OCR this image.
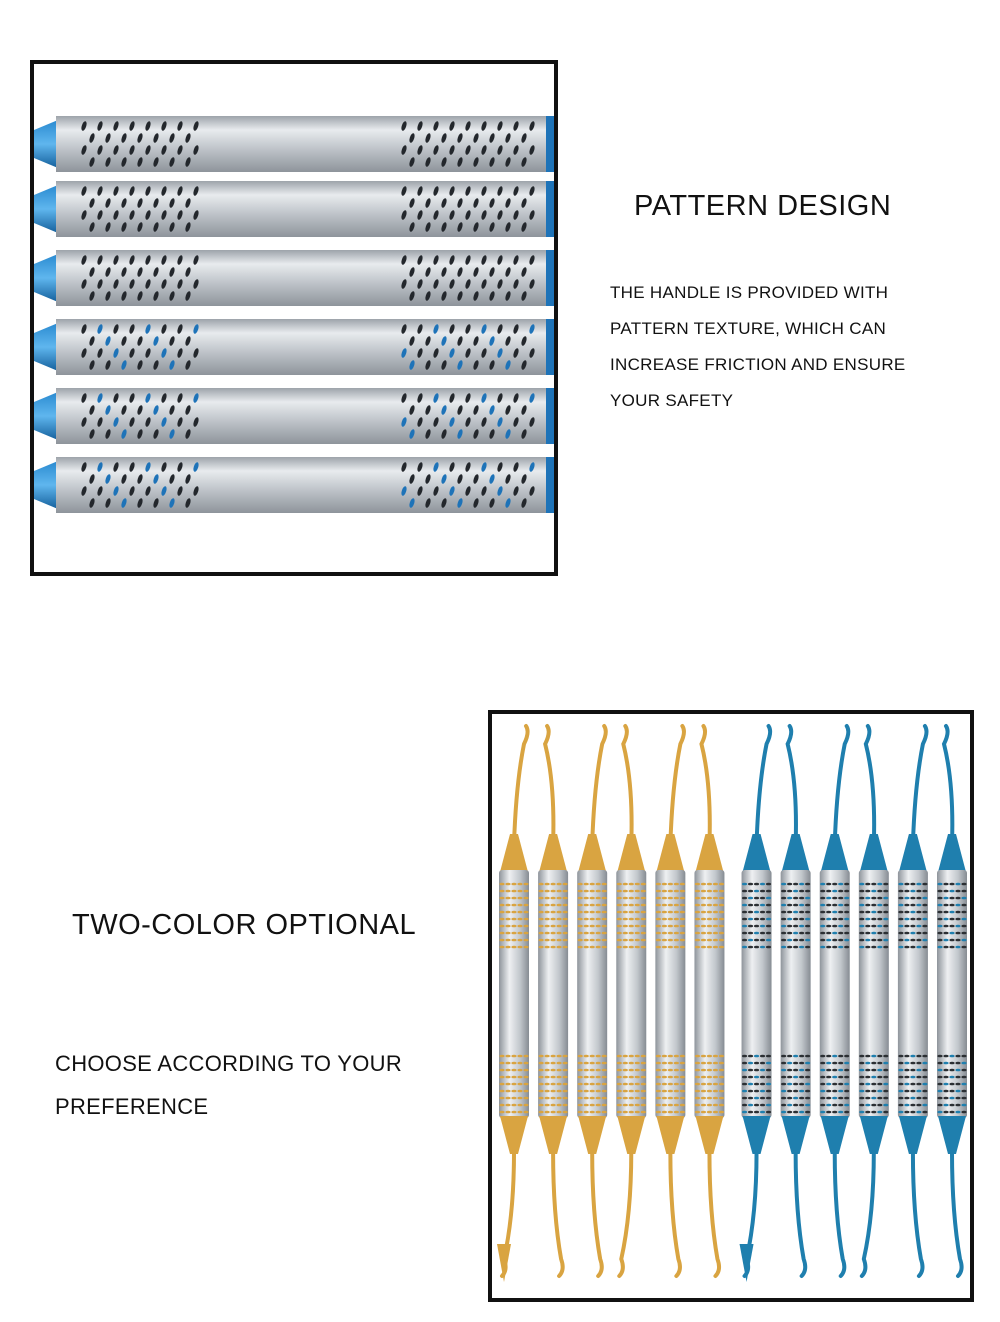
PATTERN DESIGN
THE HANDLE IS PROVIDED WITH
PATTERN TEXTURE, WHICH CAN
INCREASE FRICTION AND ENSURE
YOUR SAFETY
TWO-COLOR OPTIONAL
CHOOSE ACCORDING TO YOUR
PREFERENCE
